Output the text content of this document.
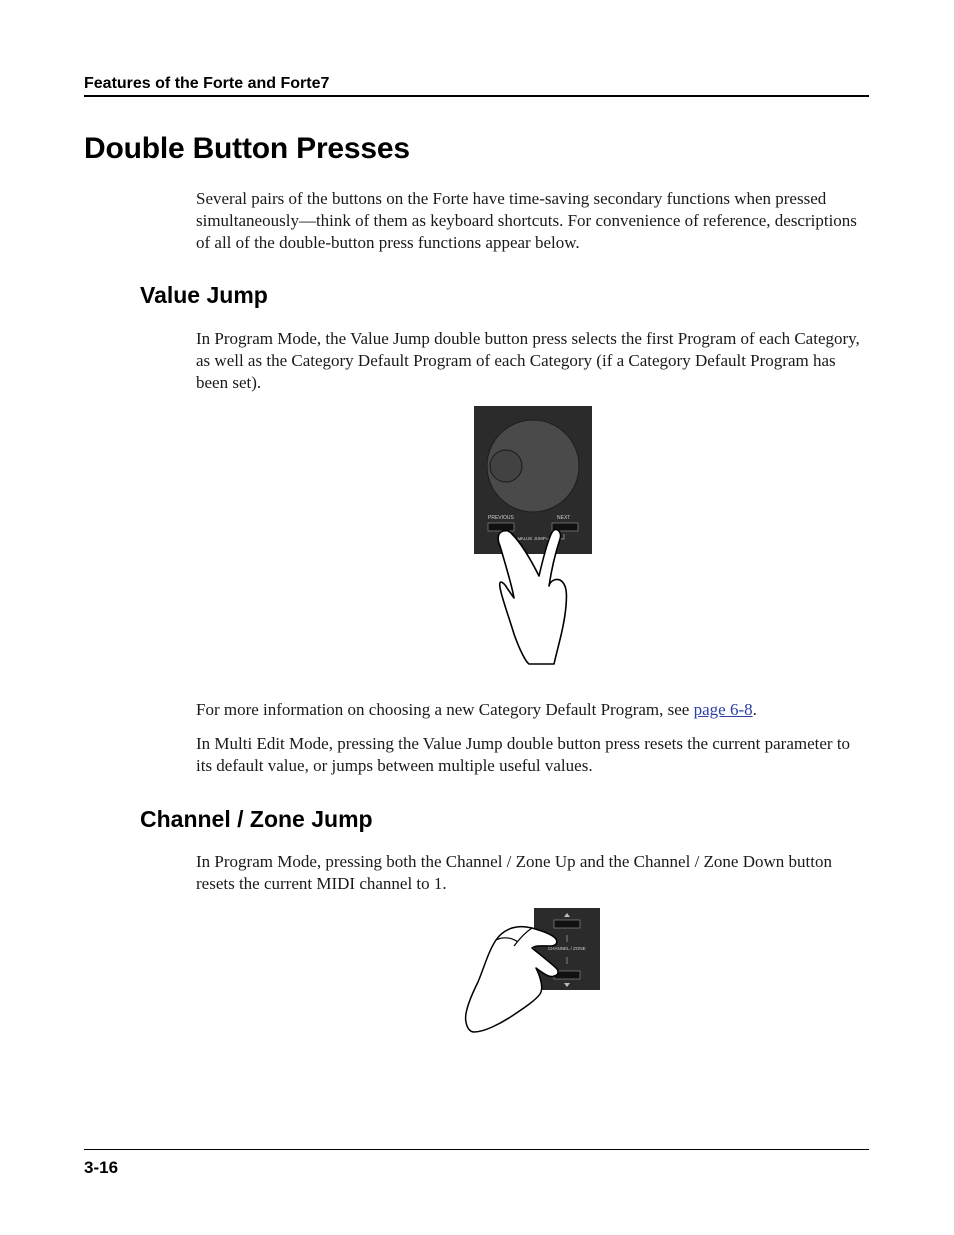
Features of the Forte and Forte7
Double Button Presses

Several pairs of the buttons on the Forte have time-saving secondary functions when pressed simultaneously—think of them as keyboard shortcuts. For convenience of reference, descriptions of all of the double-button press functions appear below.

Value Jump

In Program Mode, the Value Jump double button press selects the first Program of each Category, as well as the Category Default Program of each Category (if a Category Default Program has been set).

PREVIOUS	NEXT
VALUE JUMP

For more information on choosing a new Category Default Program, see page 6-8.

In Multi Edit Mode, pressing the Value Jump double button press resets the current parameter to its default value, or jumps between multiple useful values.

Channel / Zone Jump

In Program Mode, pressing both the Channel / Zone Up and the Channel / Zone Down button resets the current MIDI channel to 1.

CHANNEL / ZONE
3-16
